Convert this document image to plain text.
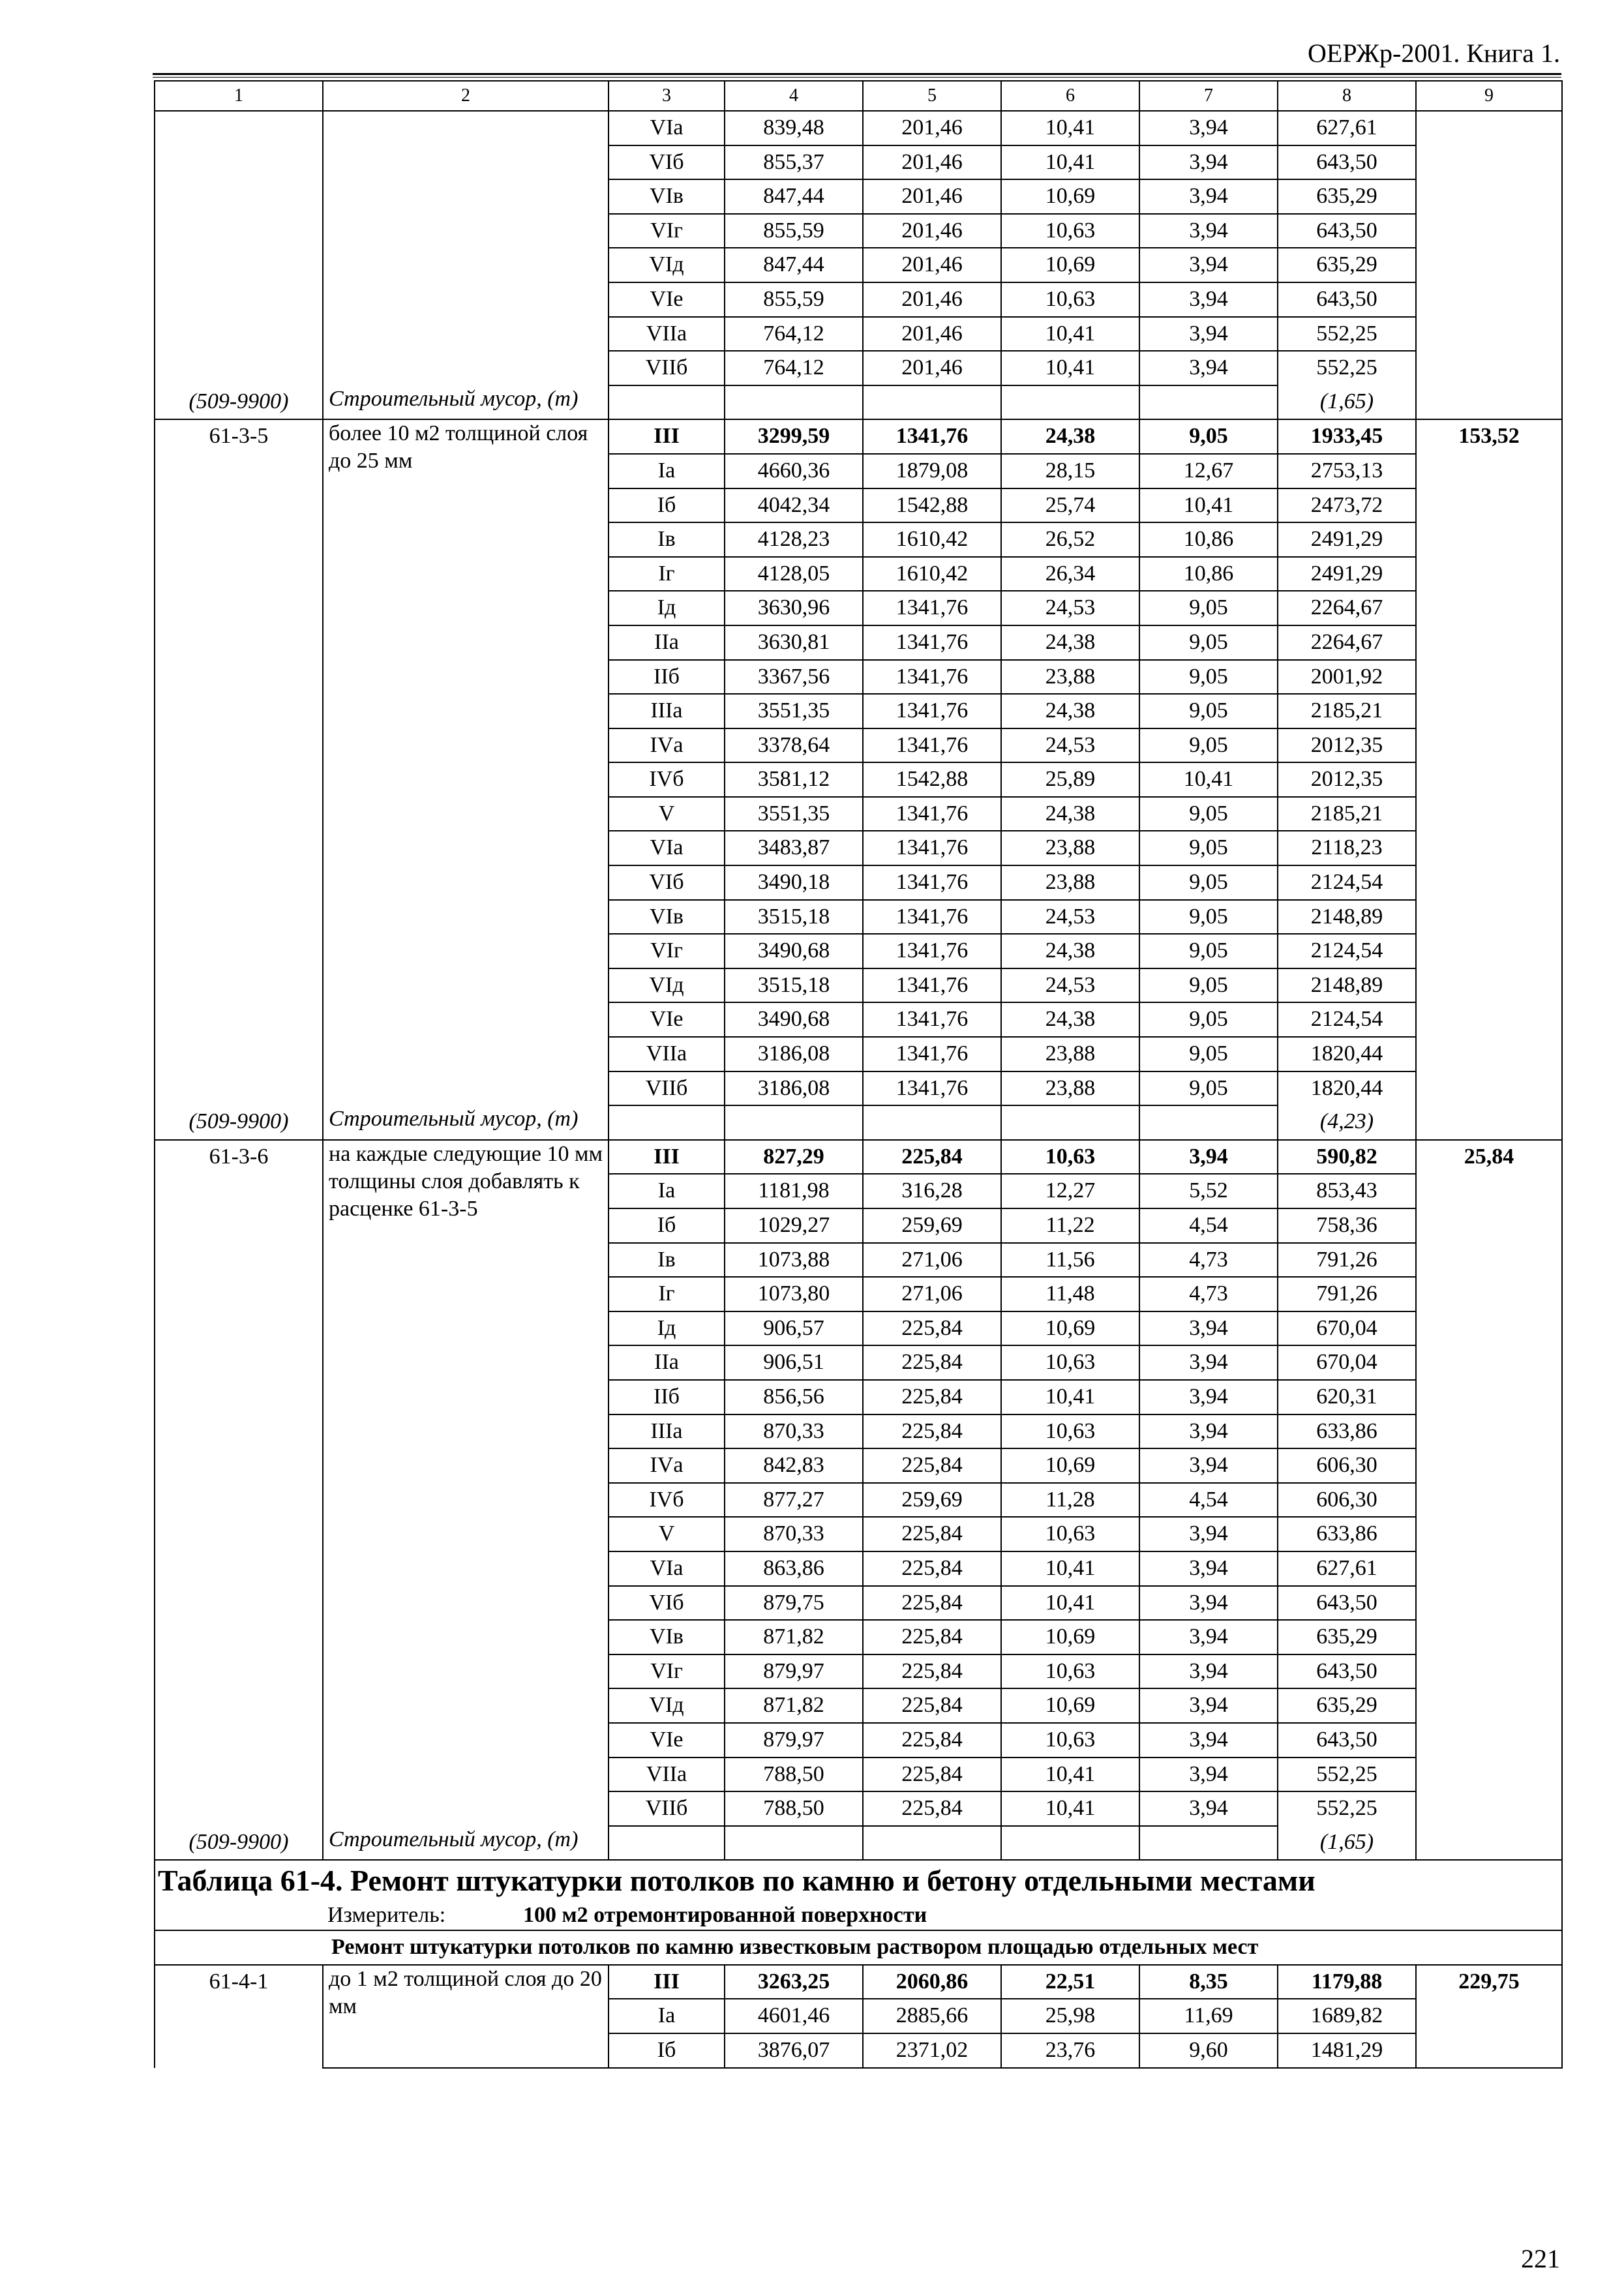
ОЕРЖр-2001. Книга 1.
1	2	3	4	5	6	7	8	9
		VIа	839,48	201,46	10,41	3,94	627,61	
		VIб	855,37	201,46	10,41	3,94	643,50	
		VIв	847,44	201,46	10,69	3,94	635,29	
		VIг	855,59	201,46	10,63	3,94	643,50	
		VIд	847,44	201,46	10,69	3,94	635,29	
		VIе	855,59	201,46	10,63	3,94	643,50	
		VIIа	764,12	201,46	10,41	3,94	552,25	
		VIIб	764,12	201,46	10,41	3,94	552,25	
(509-9900)	Строительный мусор, (т)						(1,65)	
61-3-5	более 10 м2 толщиной слоя до 25 мм	III	3299,59	1341,76	24,38	9,05	1933,45	153,52
		Iа	4660,36	1879,08	28,15	12,67	2753,13	
		Iб	4042,34	1542,88	25,74	10,41	2473,72	
		Iв	4128,23	1610,42	26,52	10,86	2491,29	
		Iг	4128,05	1610,42	26,34	10,86	2491,29	
		Iд	3630,96	1341,76	24,53	9,05	2264,67	
		IIа	3630,81	1341,76	24,38	9,05	2264,67	
		IIб	3367,56	1341,76	23,88	9,05	2001,92	
		IIIа	3551,35	1341,76	24,38	9,05	2185,21	
		IVа	3378,64	1341,76	24,53	9,05	2012,35	
		IVб	3581,12	1542,88	25,89	10,41	2012,35	
		V	3551,35	1341,76	24,38	9,05	2185,21	
		VIа	3483,87	1341,76	23,88	9,05	2118,23	
		VIб	3490,18	1341,76	23,88	9,05	2124,54	
		VIв	3515,18	1341,76	24,53	9,05	2148,89	
		VIг	3490,68	1341,76	24,38	9,05	2124,54	
		VIд	3515,18	1341,76	24,53	9,05	2148,89	
		VIе	3490,68	1341,76	24,38	9,05	2124,54	
		VIIа	3186,08	1341,76	23,88	9,05	1820,44	
		VIIб	3186,08	1341,76	23,88	9,05	1820,44	
(509-9900)	Строительный мусор, (т)						(4,23)	
61-3-6	на каждые следующие 10 мм толщины слоя добавлять к расценке 61-3-5	III	827,29	225,84	10,63	3,94	590,82	25,84
		Iа	1181,98	316,28	12,27	5,52	853,43	
		Iб	1029,27	259,69	11,22	4,54	758,36	
		Iв	1073,88	271,06	11,56	4,73	791,26	
		Iг	1073,80	271,06	11,48	4,73	791,26	
		Iд	906,57	225,84	10,69	3,94	670,04	
		IIа	906,51	225,84	10,63	3,94	670,04	
		IIб	856,56	225,84	10,41	3,94	620,31	
		IIIа	870,33	225,84	10,63	3,94	633,86	
		IVа	842,83	225,84	10,69	3,94	606,30	
		IVб	877,27	259,69	11,28	4,54	606,30	
		V	870,33	225,84	10,63	3,94	633,86	
		VIа	863,86	225,84	10,41	3,94	627,61	
		VIб	879,75	225,84	10,41	3,94	643,50	
		VIв	871,82	225,84	10,69	3,94	635,29	
		VIг	879,97	225,84	10,63	3,94	643,50	
		VIд	871,82	225,84	10,69	3,94	635,29	
		VIе	879,97	225,84	10,63	3,94	643,50	
		VIIа	788,50	225,84	10,41	3,94	552,25	
		VIIб	788,50	225,84	10,41	3,94	552,25	
(509-9900)	Строительный мусор, (т)						(1,65)	
Таблица 61-4. Ремонт штукатурки потолков по камню и бетону отдельными местами								
Измеритель: 100 м2 отремонтированной поверхности								
Ремонт штукатурки потолков по камню известковым раствором площадью отдельных мест								
61-4-1	до 1 м2 толщиной слоя до 20 мм	III	3263,25	2060,86	22,51	8,35	1179,88	229,75
		Iа	4601,46	2885,66	25,98	11,69	1689,82	
		Iб	3876,07	2371,02	23,76	9,60	1481,29	
221
